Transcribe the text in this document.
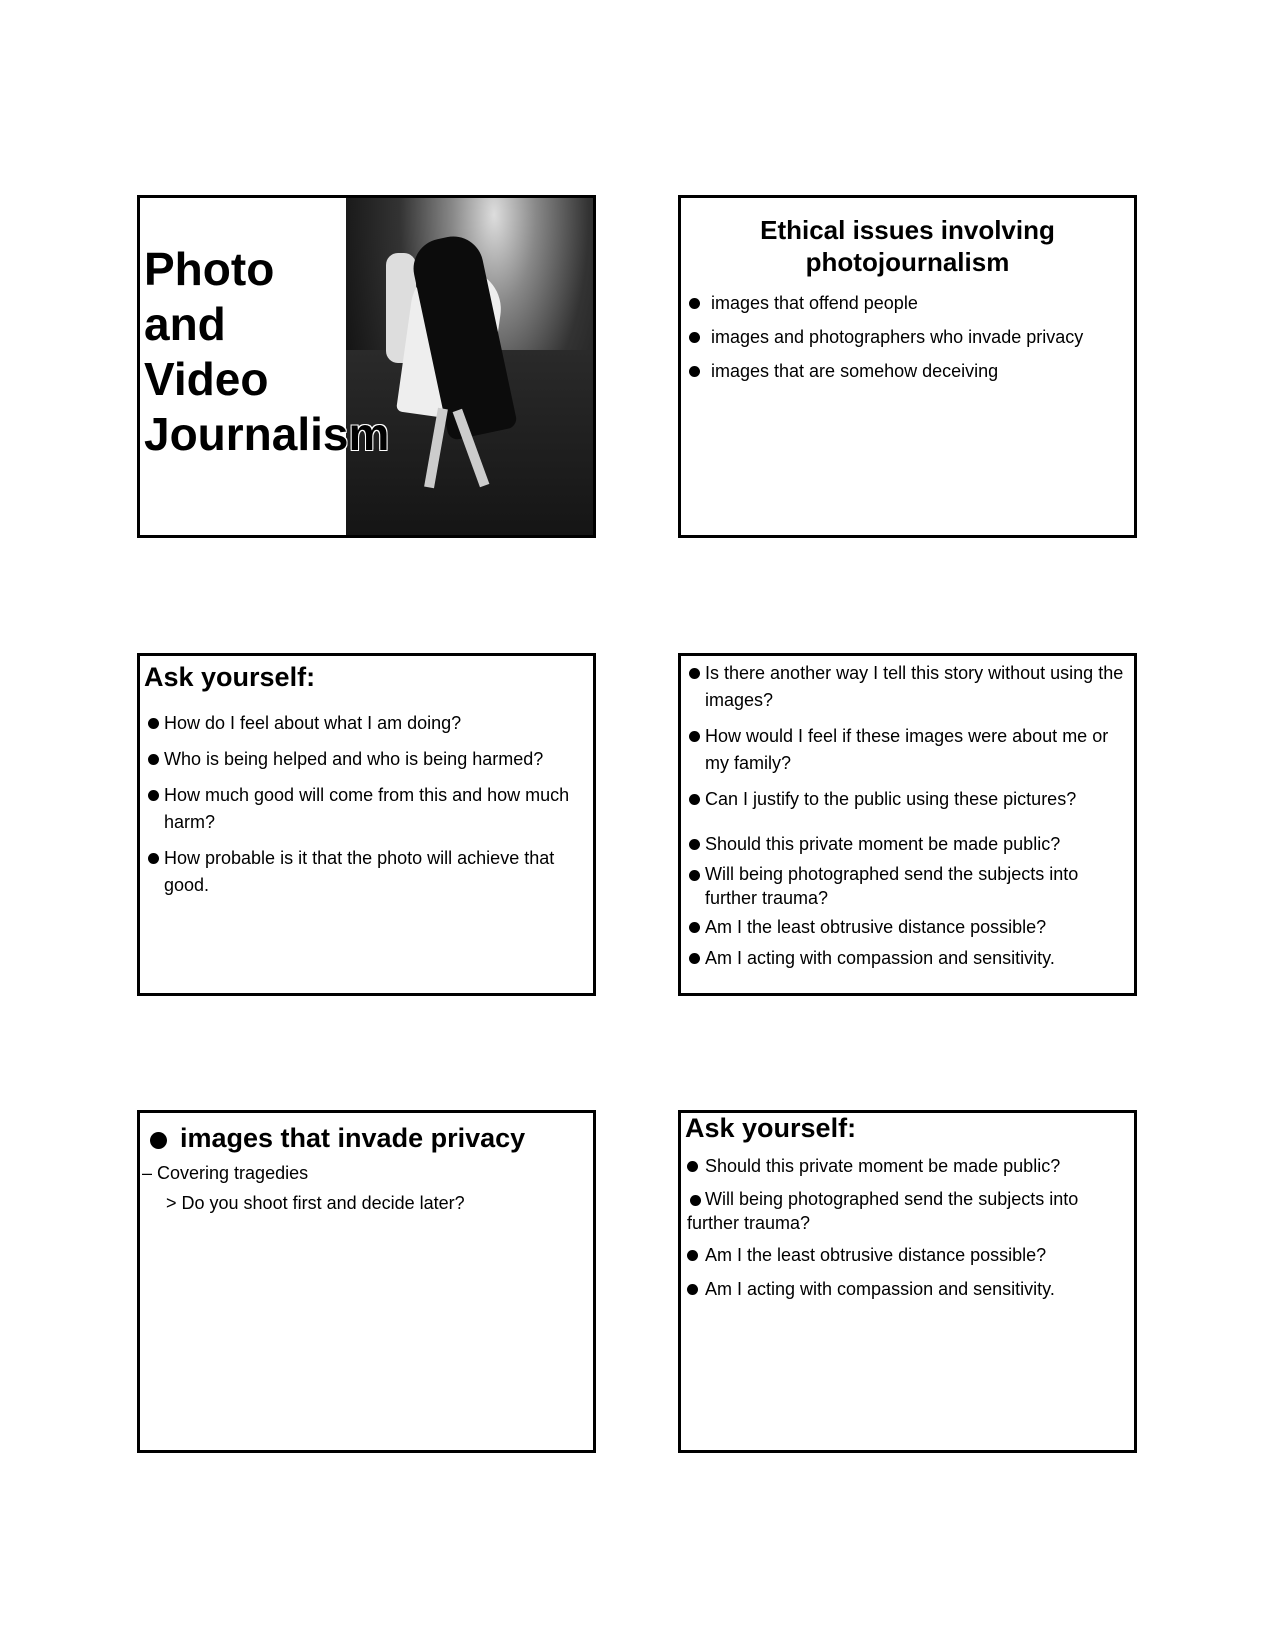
Photo
and
Video
Journalism
Ethical issues involving
photojournalism
images that offend people
images and photographers who invade privacy
images that are somehow deceiving
Ask yourself:
How do I feel about what I am doing?
Who is being helped and who is being harmed?
How much good will come from this and how much harm?
How probable is it that the photo will achieve that good.
Is there another way I tell this story without using the images?
How would I feel if these images were about me or my family?
Can I justify to the public using these pictures?
Should this private moment be made public?
Will being photographed send the subjects into further trauma?
Am I the least obtrusive distance possible?
Am I acting with compassion and sensitivity.
images that invade privacy
– Covering tragedies
> Do you shoot first and decide later?
Ask yourself:
Should this private moment be made public?
Will being photographed send the subjects into further trauma?
Am I the least obtrusive distance possible?
Am I acting with compassion and sensitivity.
